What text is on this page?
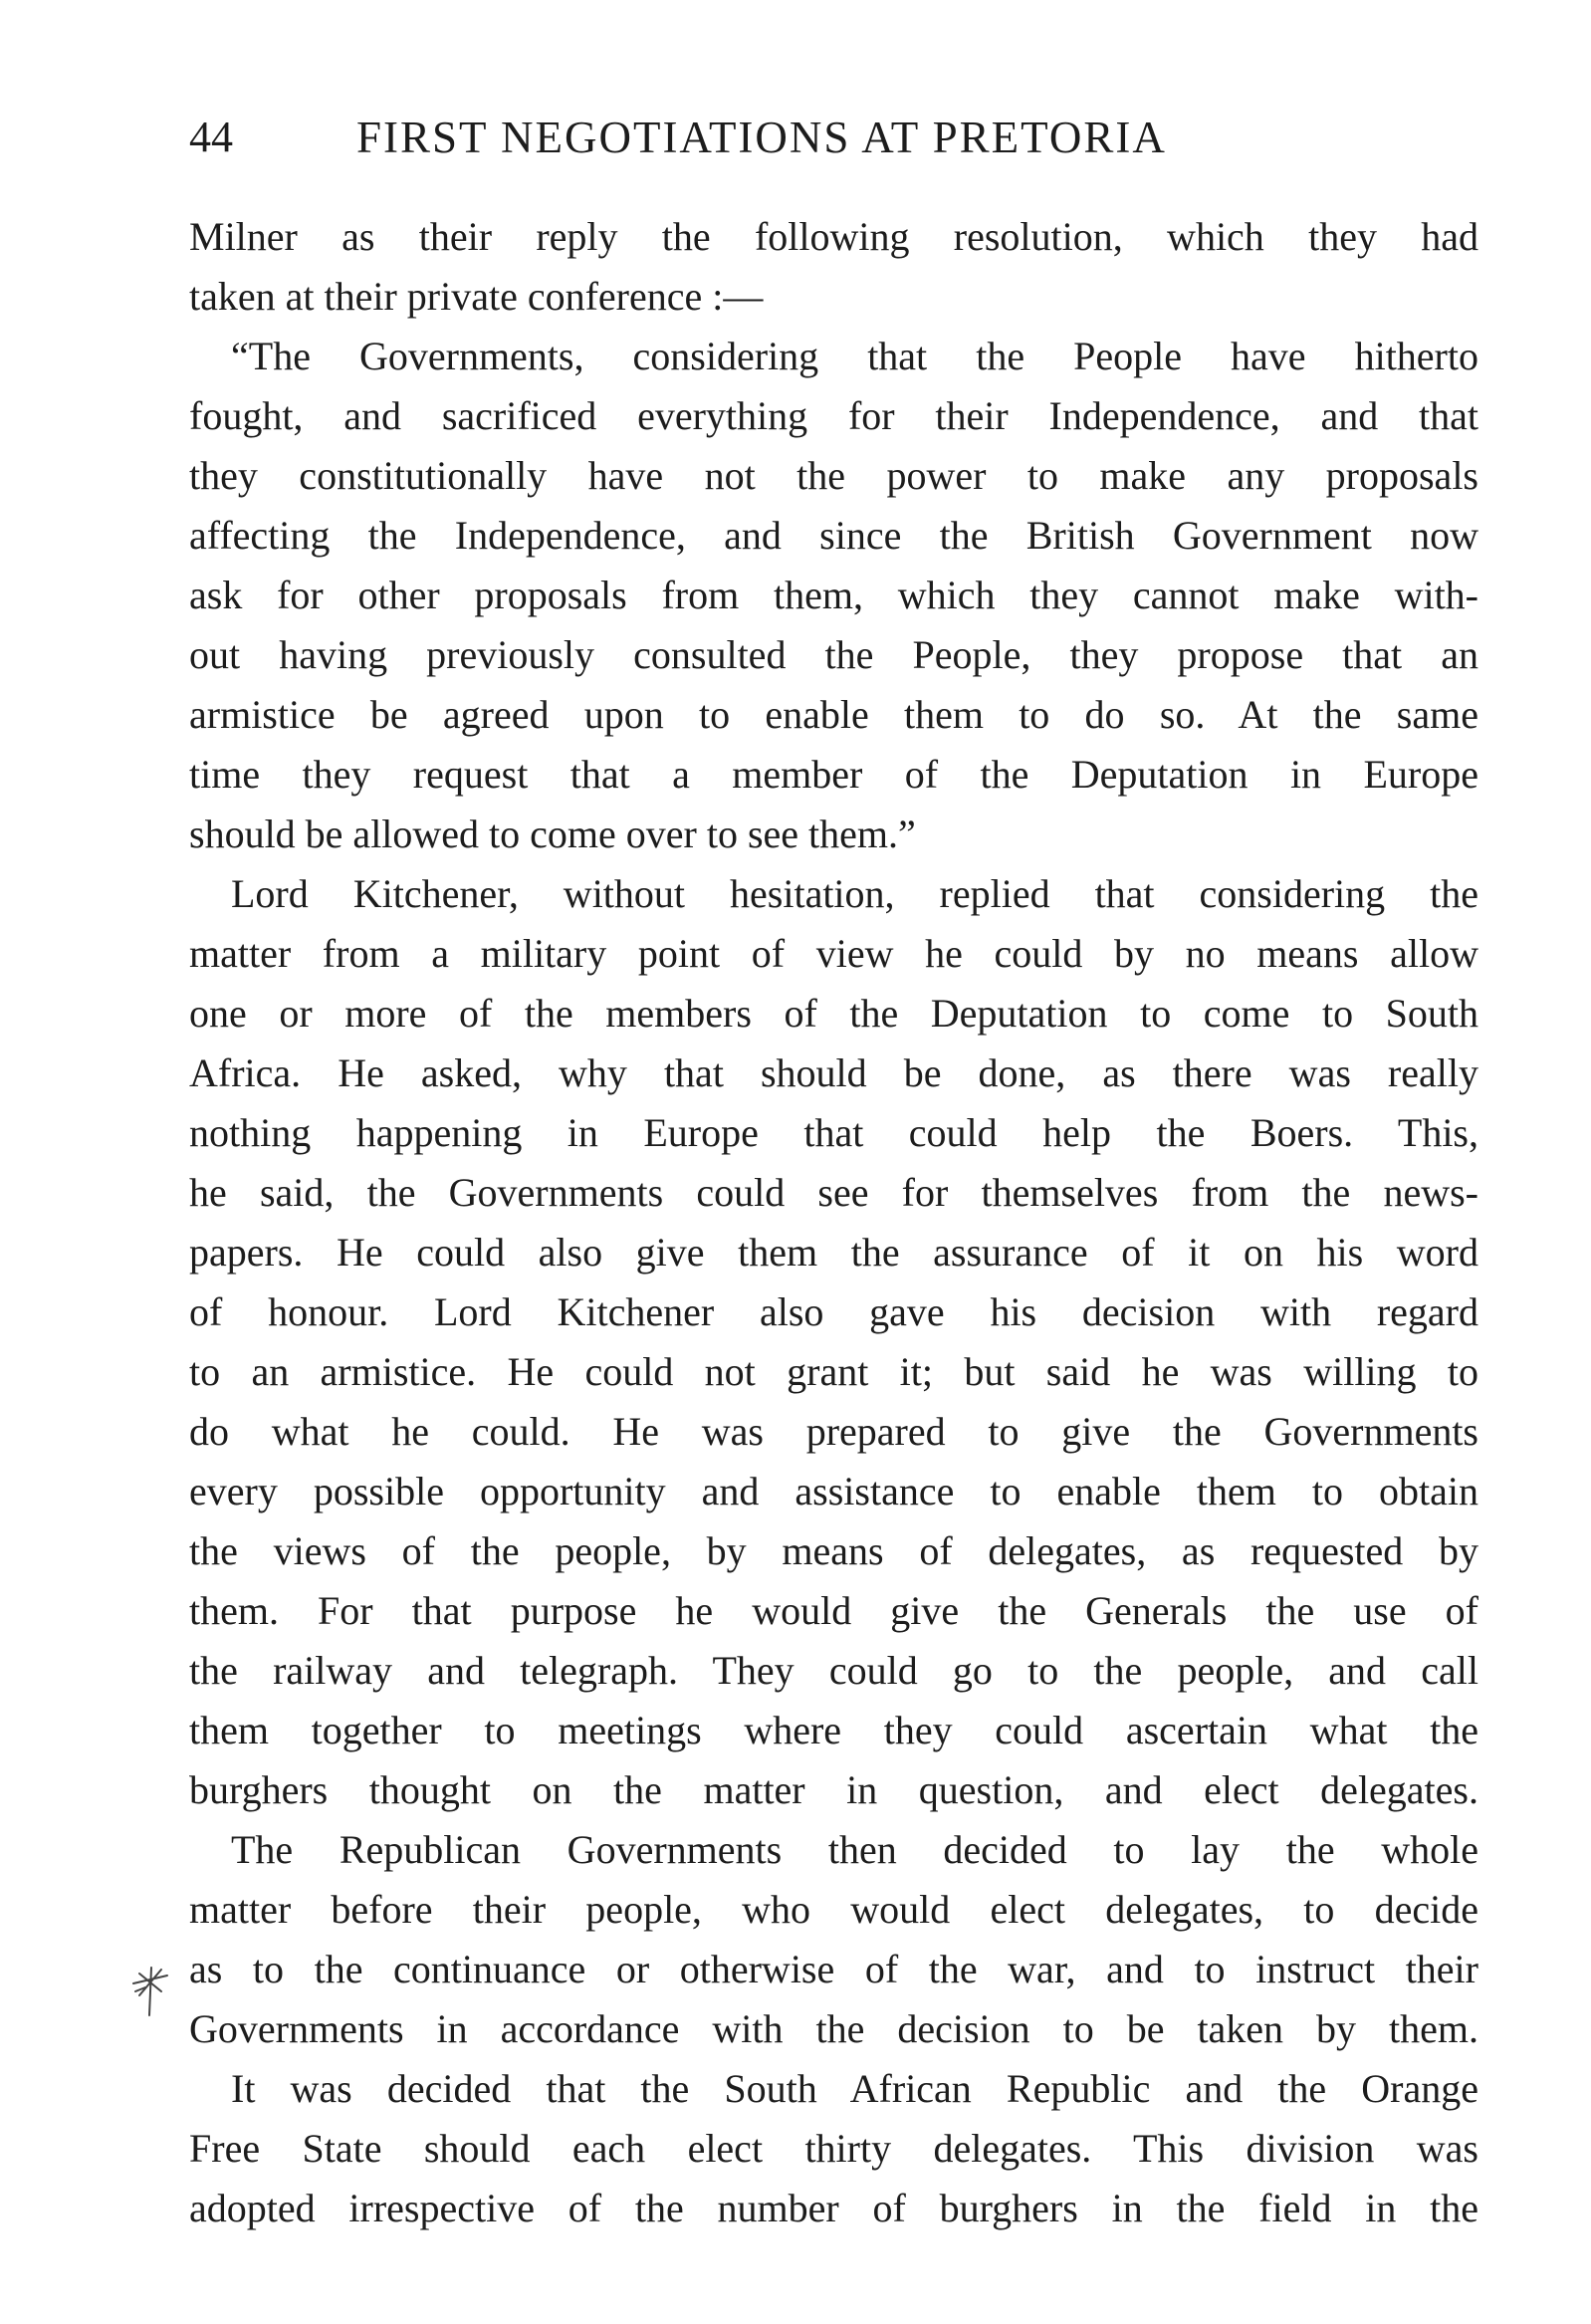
44	FIRST NEGOTIATIONS AT PRETORIA
Milner as their reply the following resolution, which they had
taken at their private conference :—
“The Governments, considering that the People have hitherto
fought, and sacrificed everything for their Independence, and that
they constitutionally have not the power to make any proposals
affecting the Independence, and since the British Government now
ask for other proposals from them, which they cannot make with-
out having previously consulted the People, they propose that an
armistice be agreed upon to enable them to do so. At the same
time they request that a member of the Deputation in Europe
should be allowed to come over to see them.”
Lord Kitchener, without hesitation, replied that considering the
matter from a military point of view he could by no means allow
one or more of the members of the Deputation to come to South
Africa. He asked, why that should be done, as there was really
nothing happening in Europe that could help the Boers. This,
he said, the Governments could see for themselves from the news-
papers. He could also give them the assurance of it on his word
of honour. Lord Kitchener also gave his decision with regard
to an armistice. He could not grant it; but said he was willing to
do what he could. He was prepared to give the Governments
every possible opportunity and assistance to enable them to obtain
the views of the people, by means of delegates, as requested by
them. For that purpose he would give the Generals the use of
the railway and telegraph. They could go to the people, and call
them together to meetings where they could ascertain what the
burghers thought on the matter in question, and elect delegates.
The Republican Governments then decided to lay the whole
matter before their people, who would elect delegates, to decide
as to the continuance or otherwise of the war, and to instruct their
Governments in accordance with the decision to be taken by them.
It was decided that the South African Republic and the Orange
Free State should each elect thirty delegates. This division was
adopted irrespective of the number of burghers in the field in the
